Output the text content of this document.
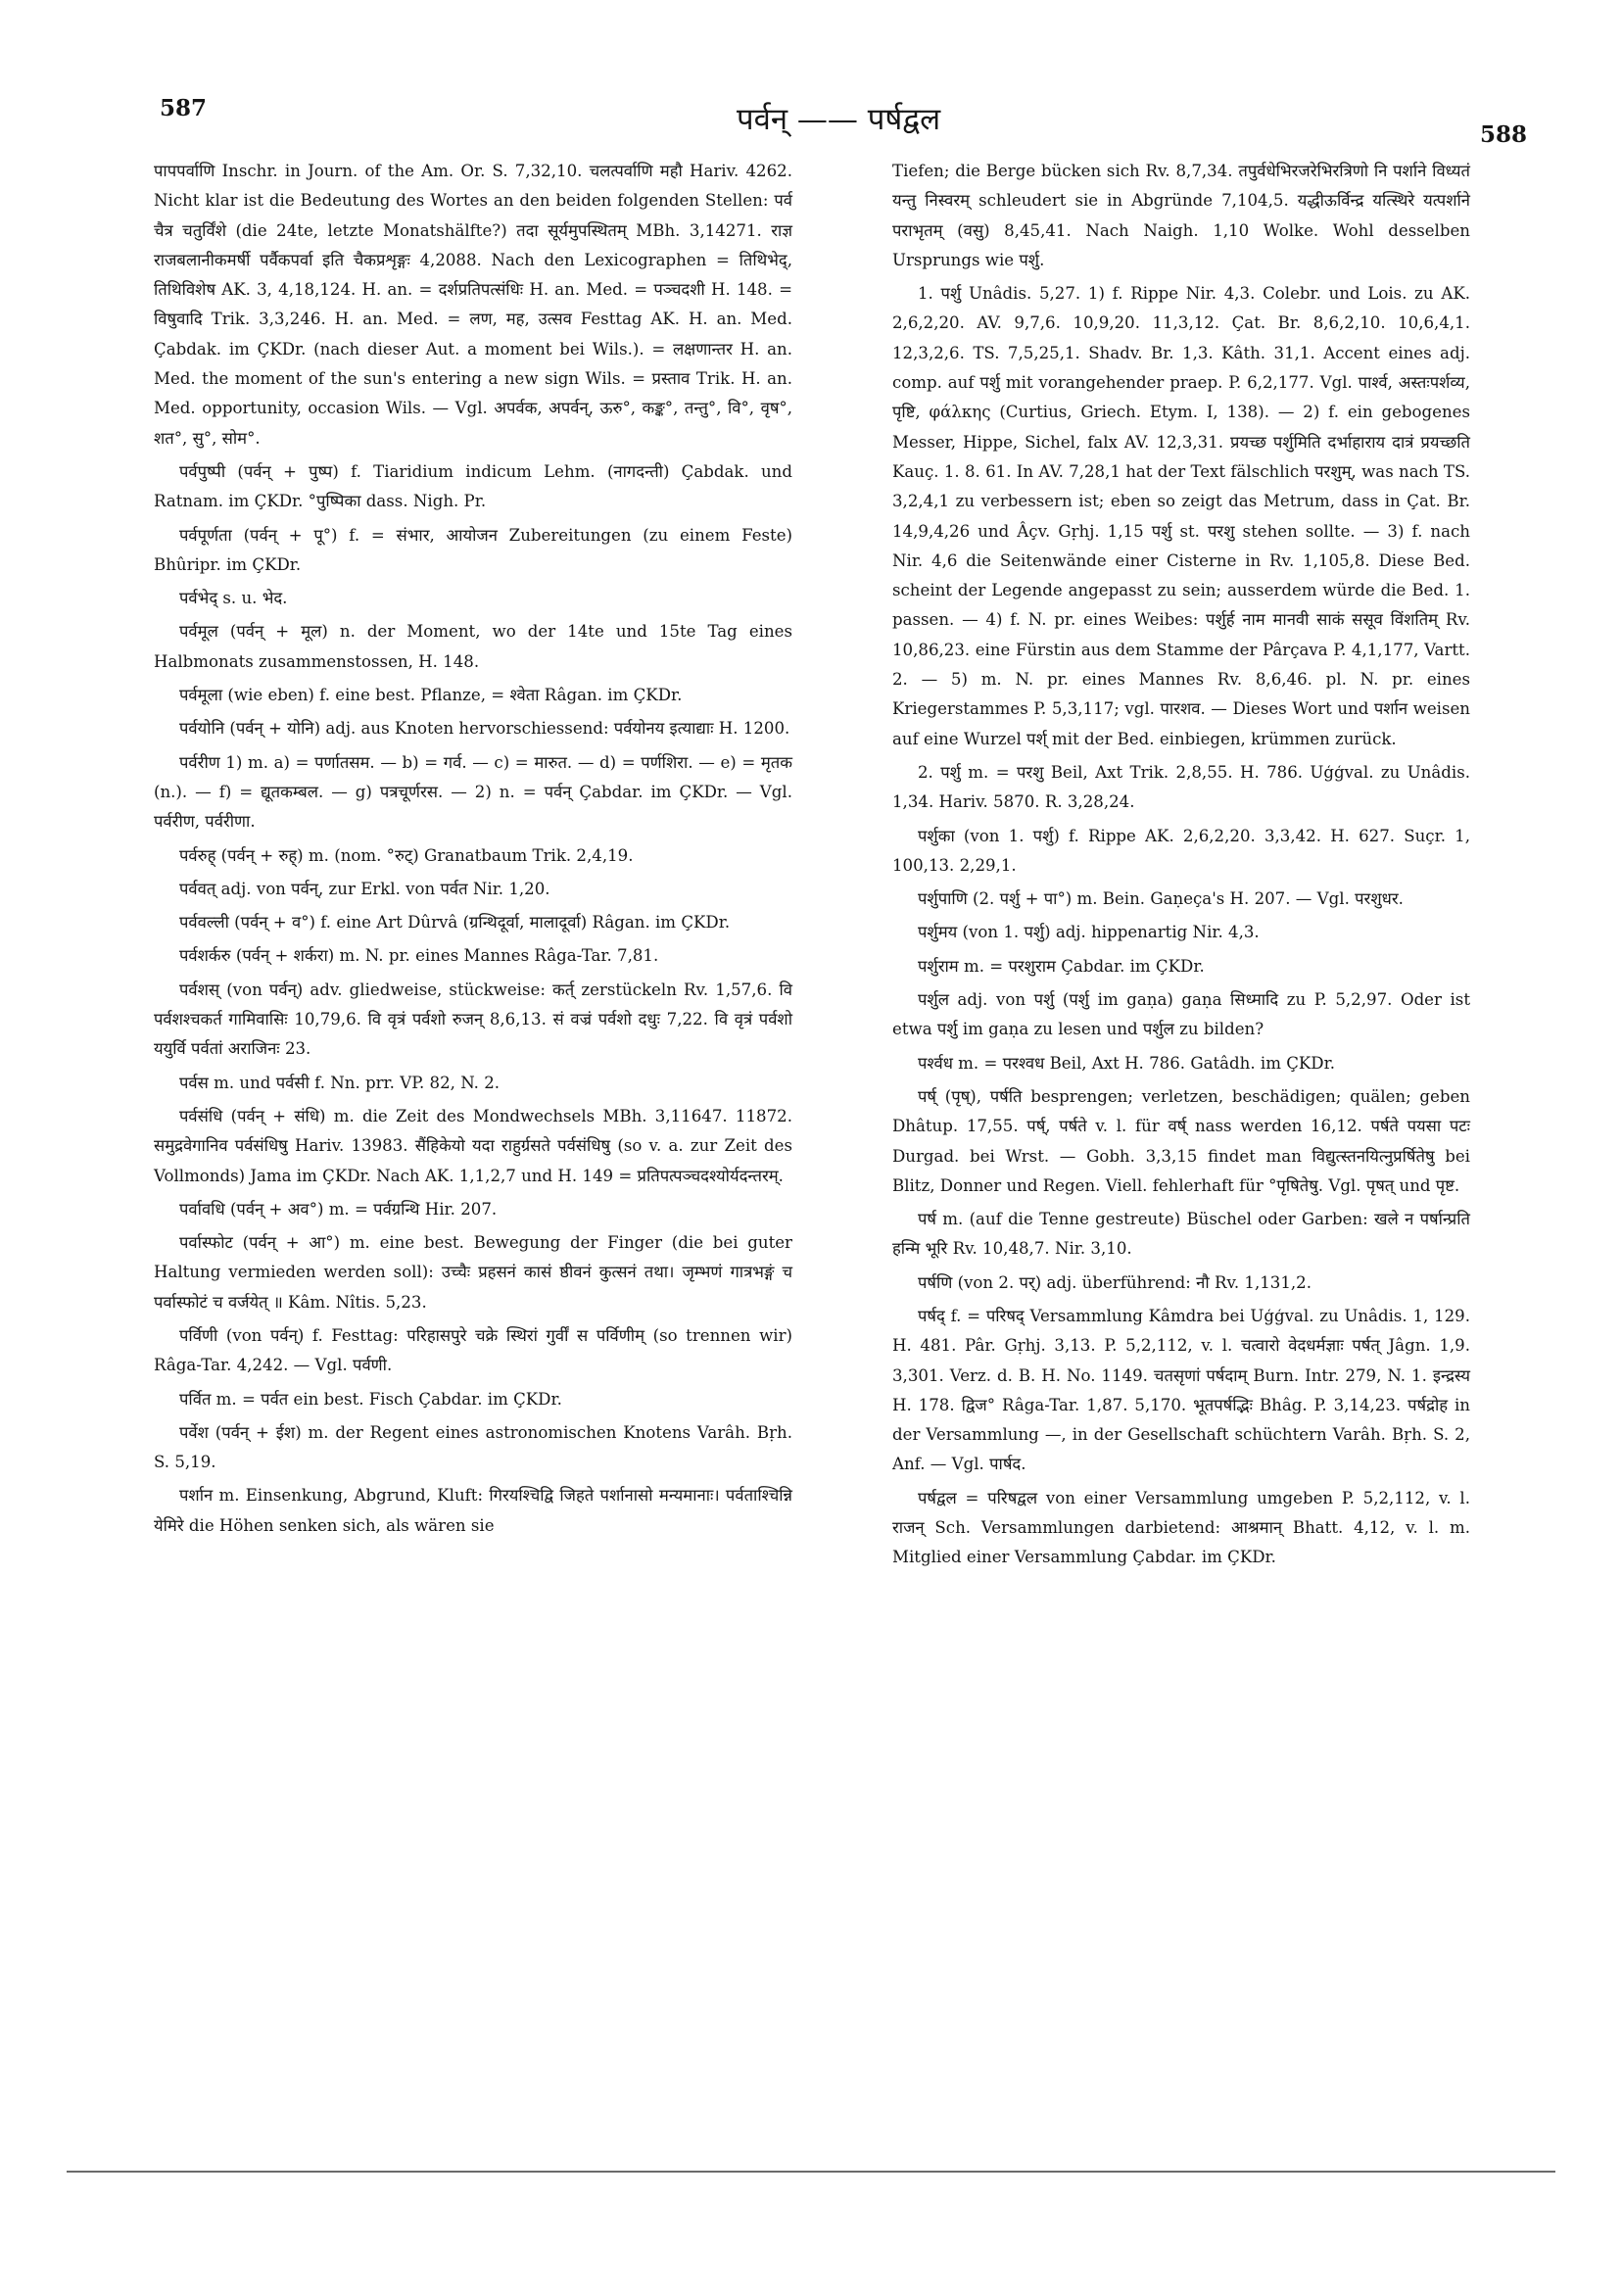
587	पर्वन् —— पर्षद्वल	588

पापपर्वाणि Inschr. in Journ. of the Am. Or. S. 7,32,10. चलत्पर्वाणि महौ Hariv. 4262. Nicht klar ist die Bedeutung des Wortes an den beiden folgenden Stellen: पर्व चैत्र चतुर्विंशे (die 24te, letzte Monatshälfte?) तदा सूर्यमुपस्थितम् MBh. 3,14271. राज्ञ राजबलानीकमर्षी पर्वैकपर्वा इति चैकप्रशृङ्गः 4,2088. Nach den Lexicographen = तिथिभेद्, तिथिविशेष AK. 3, 4,18,124. H. an. = दर्शप्रतिपत्संधिः H. an. Med. = पञ्चदशी H. 148. = विषुवादि Trik. 3,3,246. H. an. Med. = लण, मह, उत्सव Festtag AK. H. an. Med. Çabdak. im ÇKDr. (nach dieser Aut. a moment bei Wils.). = लक्षणान्तर H. an. Med. the moment of the sun's entering a new sign Wils. = प्रस्ताव Trik. H. an. Med. opportunity, occasion Wils. — Vgl. अपर्वक, अपर्वन्, ऊरु°, कङ्क°, तन्तु°, वि°, वृष°, शत°, सु°, सोम°.

पर्वपुष्पी (पर्वन् + पुष्प) f. Tiaridium indicum Lehm. (नागदन्ती) Çabdak. und Ratnam. im ÇKDr. °पुष्पिका dass. Nigh. Pr.

पर्वपूर्णता (पर्वन् + पू°) f. = संभार, आयोजन Zubereitungen (zu einem Feste) Bhûripr. im ÇKDr.

पर्वभेद् s. u. भेद.

पर्वमूल (पर्वन् + मूल) n. der Moment, wo der 14te und 15te Tag eines Halbmonats zusammenstossen, H. 148.

पर्वमूला (wie eben) f. eine best. Pflanze, = श्वेता Râgan. im ÇKDr.

पर्वयोनि (पर्वन् + योनि) adj. aus Knoten hervorschiessend: पर्वयोनय इत्याद्याः H. 1200.

पर्वरीण 1) m. a) = पर्णातसम. — b) = गर्व. — c) = मारुत. — d) = पर्णशिरा. — e) = मृतक (n.). — f) = द्यूतकम्बल. — g) पत्रचूर्णरस. — 2) n. = पर्वन् Çabdar. im ÇKDr. — Vgl. पर्वरीण, पर्वरीणा.

पर्वरुह् (पर्वन् + रुह्) m. (nom. °रुट्) Granatbaum Trik. 2,4,19.

पर्ववत् adj. von पर्वन्, zur Erkl. von पर्वत Nir. 1,20.

पर्ववल्ली (पर्वन् + व°) f. eine Art Dûrvâ (ग्रन्थिदूर्वा, मालादूर्वा) Râgan. im ÇKDr.

पर्वशर्करु (पर्वन् + शर्करा) m. N. pr. eines Mannes Râga-Tar. 7,81.

पर्वशस् (von पर्वन्) adv. gliedweise, stückweise: कर्त् zerstückeln Rv. 1,57,6. वि पर्वशश्चकर्त गामिवासिः 10,79,6. वि वृत्रं पर्वशो रुजन् 8,6,13. सं वज्रं पर्वशो दधुः 7,22. वि वृत्रं पर्वशो ययुर्वि पर्वतां अराजिनः 23.

पर्वस m. und पर्वसी f. Nn. prr. VP. 82, N. 2.

पर्वसंधि (पर्वन् + संधि) m. die Zeit des Mondwechsels MBh. 3,11647. 11872. समुद्रवेगानिव पर्वसंधिषु Hariv. 13983. सैंहिकेयो यदा राहुर्ग्रसते पर्वसंधिषु (so v. a. zur Zeit des Vollmonds) Jama im ÇKDr. Nach AK. 1,1,2,7 und H. 149 = प्रतिपत्पञ्चदश्योर्यदन्तरम्.

पर्वावधि (पर्वन् + अव°) m. = पर्वग्रन्थि Hir. 207.

पर्वास्फोट (पर्वन् + आ°) m. eine best. Bewegung der Finger (die bei guter Haltung vermieden werden soll): उच्चैः प्रहसनं कासं ष्ठीवनं कुत्सनं तथा। जृम्भणं गात्रभङ्गं च पर्वास्फोटं च वर्जयेत् ॥ Kâm. Nîtis. 5,23.

पर्विणी (von पर्वन्) f. Festtag: परिहासपुरे चक्रे स्थिरां गुर्वीं स पर्विणीम् (so trennen wir) Râga-Tar. 4,242. — Vgl. पर्वणी.

पर्वित m. = पर्वत ein best. Fisch Çabdar. im ÇKDr.

पर्वेश (पर्वन् + ईश) m. der Regent eines astronomischen Knotens Varâh. Bṛh. S. 5,19.

पर्शान m. Einsenkung, Abgrund, Kluft: गिरयश्चिद्वि जिहते पर्शानासो मन्यमानाः। पर्वताश्चिन्नि येमिरे die Höhen senken sich, als wären sie

Tiefen; die Berge bücken sich Rv. 8,7,34. तपुर्वधेभिरजरेभिरत्रिणो नि पर्शाने विध्यतं यन्तु निस्वरम् schleudert sie in Abgründe 7,104,5. यद्धीऊर्विन्द्र यत्स्थिरे यत्पर्शाने पराभृतम् (वसु) 8,45,41. Nach Naigh. 1,10 Wolke. Wohl desselben Ursprungs wie पर्शु.

1. पर्शु Unâdis. 5,27. 1) f. Rippe Nir. 4,3. Colebr. und Lois. zu AK. 2,6,2,20. AV. 9,7,6. 10,9,20. 11,3,12. Çat. Br. 8,6,2,10. 10,6,4,1. 12,3,2,6. TS. 7,5,25,1. Shadv. Br. 1,3. Kâth. 31,1. Accent eines adj. comp. auf पर्शु mit vorangehender praep. P. 6,2,177. Vgl. पार्श्व, अस्तःपर्शव्य, पृष्टि, φάλκης (Curtius, Griech. Etym. I, 138). — 2) f. ein gebogenes Messer, Hippe, Sichel, falx AV. 12,3,31. प्रयच्छ पर्शुमिति दर्भाहाराय दात्रं प्रयच्छति Kauç. 1. 8. 61. In AV. 7,28,1 hat der Text fälschlich परशुम्, was nach TS. 3,2,4,1 zu verbessern ist; eben so zeigt das Metrum, dass in Çat. Br. 14,9,4,26 und Âçv. Gṛhj. 1,15 पर्शु st. परशु stehen sollte. — 3) f. nach Nir. 4,6 die Seitenwände einer Cisterne in Rv. 1,105,8. Diese Bed. scheint der Legende angepasst zu sein; ausserdem würde die Bed. 1. passen. — 4) f. N. pr. eines Weibes: पर्शुर्ह नाम मानवी साकं ससूव विंशतिम् Rv. 10,86,23. eine Fürstin aus dem Stamme der Pârçava P. 4,1,177, Vartt. 2. — 5) m. N. pr. eines Mannes Rv. 8,6,46. pl. N. pr. eines Kriegerstammes P. 5,3,117; vgl. पारशव. — Dieses Wort und पर्शान weisen auf eine Wurzel पर्श् mit der Bed. einbiegen, krümmen zurück.

2. पर्शु m. = परशु Beil, Axt Trik. 2,8,55. H. 786. Uģģval. zu Unâdis. 1,34. Hariv. 5870. R. 3,28,24.

पर्शुका (von 1. पर्शु) f. Rippe AK. 2,6,2,20. 3,3,42. H. 627. Suçr. 1, 100,13. 2,29,1.

पर्शुपाणि (2. पर्शु + पा°) m. Bein. Gaṇeça's H. 207. — Vgl. परशुधर.

पर्शुमय (von 1. पर्शु) adj. hippenartig Nir. 4,3.

पर्शुराम m. = परशुराम Çabdar. im ÇKDr.

पर्शुल adj. von पर्शु (पर्शु im gaṇa) gaṇa सिध्मादि zu P. 5,2,97. Oder ist etwa पर्शु im gaṇa zu lesen und पर्शुल zu bilden?

पर्श्वध m. = परश्वध Beil, Axt H. 786. Gatâdh. im ÇKDr.

पर्ष् (पृष्), पर्षति besprengen; verletzen, beschädigen; quälen; geben Dhâtup. 17,55. पर्ष्, पर्षते v. l. für वर्ष् nass werden 16,12. पर्षते पयसा पटः Durgad. bei Wrst. — Gobh. 3,3,15 findet man विद्युत्स्तनयित्नुप्रर्षितेषु bei Blitz, Donner und Regen. Viell. fehlerhaft für °पृषितेषु. Vgl. पृषत् und पृष्ट.

पर्ष m. (auf die Tenne gestreute) Büschel oder Garben: खले न पर्षान्प्रति हन्मि भूरि Rv. 10,48,7. Nir. 3,10.

पर्षणि (von 2. पर्) adj. überführend: नौ Rv. 1,131,2.

पर्षद् f. = परिषद् Versammlung Kâmdra bei Uģģval. zu Unâdis. 1, 129. H. 481. Pâr. Gṛhj. 3,13. P. 5,2,112, v. l. चत्वारो वेदधर्मज्ञाः पर्षत् Jâgn. 1,9. 3,301. Verz. d. B. H. No. 1149. चतसृणां पर्षदाम् Burn. Intr. 279, N. 1. इन्द्रस्य H. 178. द्विज° Râga-Tar. 1,87. 5,170. भूतपर्षद्भिः Bhâg. P. 3,14,23. पर्षद्रोह in der Versammlung —, in der Gesellschaft schüchtern Varâh. Bṛh. S. 2, Anf. — Vgl. पार्षद.

पर्षद्वल = परिषद्वल von einer Versammlung umgeben P. 5,2,112, v. l. राजन् Sch. Versammlungen darbietend: आश्रमान् Bhatt. 4,12, v. l. m. Mitglied einer Versammlung Çabdar. im ÇKDr.
